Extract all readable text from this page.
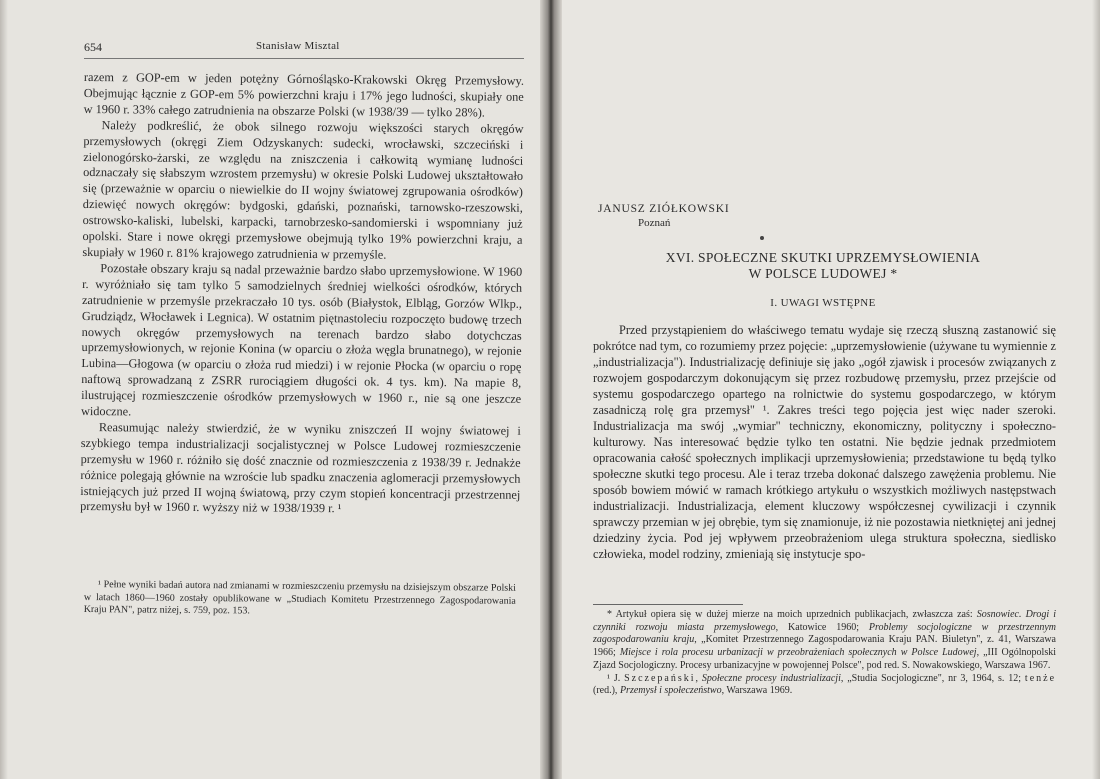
654	Stanisław Misztal

razem z GOP-em w jeden potężny Górnośląsko-Krakowski Okręg Przemysłowy. Obejmując łącznie z GOP-em 5% powierzchni kraju i 17% jego ludności, skupiały one w 1960 r. 33% całego zatrudnienia na obszarze Polski (w 1938/39 — tylko 28%).

Należy podkreślić, że obok silnego rozwoju większości starych okręgów przemysłowych (okręgi Ziem Odzyskanych: sudecki, wrocławski, szczeciński i zielonogórsko-żarski, ze względu na zniszczenia i całkowitą wymianę ludności odznaczały się słabszym wzrostem przemysłu) w okresie Polski Ludowej ukształtowało się (przeważnie w oparciu o niewielkie do II wojny światowej zgrupowania ośrodków) dziewięć nowych okręgów: bydgoski, gdański, poznański, tarnowsko-rzeszowski, ostrowsko-kaliski, lubelski, karpacki, tarnobrzesko-sandomierski i wspomniany już opolski. Stare i nowe okręgi przemysłowe obejmują tylko 19% powierzchni kraju, a skupiały w 1960 r. 81% krajowego zatrudnienia w przemyśle.

Pozostałe obszary kraju są nadal przeważnie bardzo słabo uprzemysłowione. W 1960 r. wyróżniało się tam tylko 5 samodzielnych średniej wielkości ośrodków, których zatrudnienie w przemyśle przekraczało 10 tys. osób (Białystok, Elbląg, Gorzów Wlkp., Grudziądz, Włocławek i Legnica). W ostatnim piętnastoleciu rozpoczęto budowę trzech nowych okręgów przemysłowych na terenach bardzo słabo dotychczas uprzemysłowionych, w rejonie Konina (w oparciu o złoża węgla brunatnego), w rejonie Lubina—Głogowa (w oparciu o złoża rud miedzi) i w rejonie Płocka (w oparciu o ropę naftową sprowadzaną z ZSRR rurociągiem długości ok. 4 tys. km). Na mapie 8, ilustrującej rozmieszczenie ośrodków przemysłowych w 1960 r., nie są one jeszcze widoczne.

Reasumując należy stwierdzić, że w wyniku zniszczeń II wojny światowej i szybkiego tempa industrializacji socjalistycznej w Polsce Ludowej rozmieszczenie przemysłu w 1960 r. różniło się dość znacznie od rozmieszczenia z 1938/39 r. Jednakże różnice polegają głównie na wzroście lub spadku znaczenia aglomeracji przemysłowych istniejących już przed II wojną światową, przy czym stopień koncentracji przestrzennej przemysłu był w 1960 r. wyższy niż w 1938/1939 r. ¹

¹ Pełne wyniki badań autora nad zmianami w rozmieszczeniu przemysłu na dzisiejszym obszarze Polski w latach 1860—1960 zostały opublikowane w „Studiach Komitetu Przestrzennego Zagospodarowania Kraju PAN", patrz niżej, s. 759, poz. 153.

JANUSZ ZIÓŁKOWSKI
Poznań
XVI. SPOŁECZNE SKUTKI UPRZEMYSŁOWIENIA
W POLSCE LUDOWEJ *
I. UWAGI WSTĘPNE

Przed przystąpieniem do właściwego tematu wydaje się rzeczą słuszną zastanowić się pokrótce nad tym, co rozumiemy przez pojęcie: „uprzemysłowienie (używane tu wymiennie z „industrializacja"). Industrializację definiuje się jako „ogół zjawisk i procesów związanych z rozwojem gospodarczym dokonującym się przez rozbudowę przemysłu, przez przejście od systemu gospodarczego opartego na rolnictwie do systemu gospodarczego, w którym zasadniczą rolę gra przemysł" ¹. Zakres treści tego pojęcia jest więc nader szeroki. Industrializacja ma swój „wymiar" techniczny, ekonomiczny, polityczny i społeczno-kulturowy. Nas interesować będzie tylko ten ostatni. Nie będzie jednak przedmiotem opracowania całość społecznych implikacji uprzemysłowienia; przedstawione tu będą tylko społeczne skutki tego procesu. Ale i teraz trzeba dokonać dalszego zawężenia problemu. Nie sposób bowiem mówić w ramach krótkiego artykułu o wszystkich możliwych następstwach industrializacji. Industrializacja, element kluczowy współczesnej cywilizacji i czynnik sprawczy przemian w jej obrębie, tym się znamionuje, iż nie pozostawia nietkniętej ani jednej dziedziny życia. Pod jej wpływem przeobrażeniom ulega struktura społeczna, siedlisko człowieka, model rodziny, zmieniają się instytucje spo-

* Artykuł opiera się w dużej mierze na moich uprzednich publikacjach, zwłaszcza zaś: Sosnowiec. Drogi i czynniki rozwoju miasta przemysłowego, Katowice 1960; Problemy socjologiczne w przestrzennym zagospodarowaniu kraju, „Komitet Przestrzennego Zagospodarowania Kraju PAN. Biuletyn", z. 41, Warszawa 1966; Miejsce i rola procesu urbanizacji w przeobrażeniach społecznych w Polsce Ludowej, „III Ogólnopolski Zjazd Socjologiczny. Procesy urbanizacyjne w powojennej Polsce", pod red. S. Nowakowskiego, Warszawa 1967.

¹ J. Szczepański, Społeczne procesy industrializacji, „Studia Socjologiczne", nr 3, 1964, s. 12; tenże (red.), Przemysł i społeczeństwo, Warszawa 1969.
